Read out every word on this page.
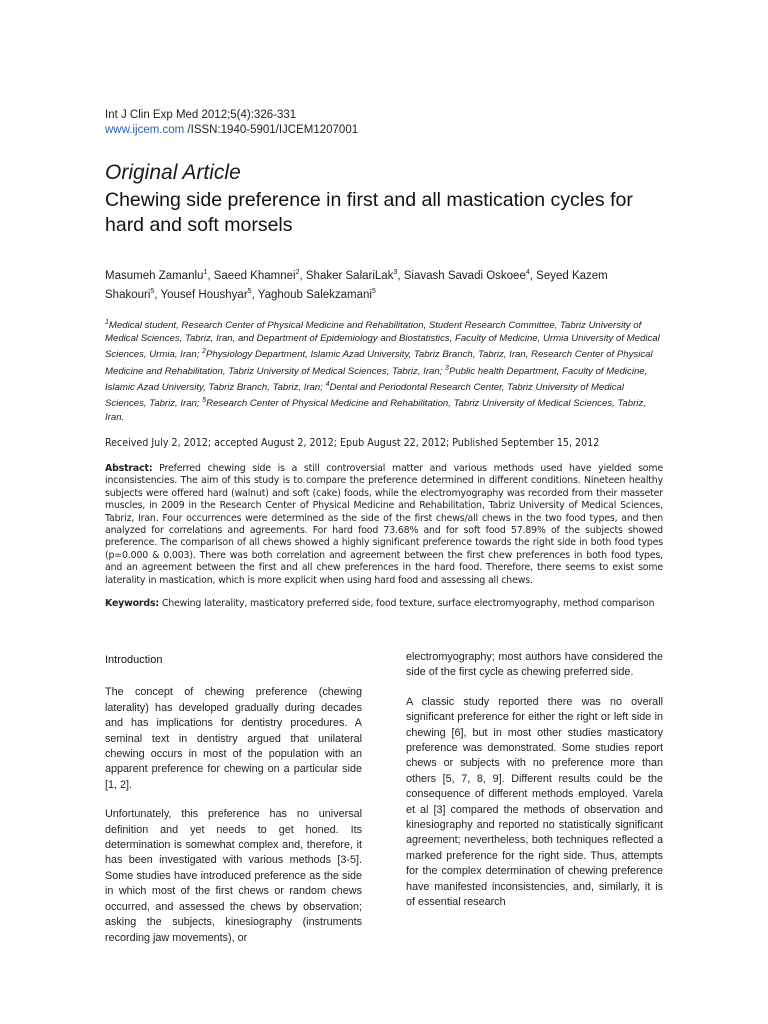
Int J Clin Exp Med 2012;5(4):326-331
www.ijcem.com /ISSN:1940-5901/IJCEM1207001
Original Article
Chewing side preference in first and all mastication cycles for hard and soft morsels
Masumeh Zamanlu$^1$, Saeed Khamnei$^2$, Shaker SalariLak$^3$, Siavash Savadi Oskoee$^4$, Seyed Kazem Shakouri$^5$, Yousef Houshyar$^5$, Yaghoub Salekzamani$^5$
$^1$Medical student, Research Center of Physical Medicine and Rehabilitation, Student Research Committee, Tabriz University of Medical Sciences, Tabriz, Iran, and Department of Epidemiology and Biostatistics, Faculty of Medicine, Urmia University of Medical Sciences, Urmia, Iran; $^2$Physiology Department, Islamic Azad University, Tabriz Branch, Tabriz, Iran, Research Center of Physical Medicine and Rehabilitation, Tabriz University of Medical Sciences, Tabriz, Iran; $^3$Public health Department, Faculty of Medicine, Islamic Azad University, Tabriz Branch, Tabriz, Iran; $^4$Dental and Periodontal Research Center, Tabriz University of Medical Sciences, Tabriz, Iran; $^5$Research Center of Physical Medicine and Rehabilitation, Tabriz University of Medical Sciences, Tabriz, Iran.
Received July 2, 2012; accepted August 2, 2012; Epub August 22, 2012; Published September 15, 2012
Abstract: Preferred chewing side is a still controversial matter and various methods used have yielded some inconsistencies. The aim of this study is to compare the preference determined in different conditions. Nineteen healthy subjects were offered hard (walnut) and soft (cake) foods, while the electromyography was recorded from their masseter muscles, in 2009 in the Research Center of Physical Medicine and Rehabilitation, Tabriz University of Medical Sciences, Tabriz, Iran. Four occurrences were determined as the side of the first chews/all chews in the two food types, and then analyzed for correlations and agreements. For hard food 73.68% and for soft food 57.89% of the subjects showed preference. The comparison of all chews showed a highly significant preference towards the right side in both food types (p=0.000 & 0.003). There was both correlation and agreement between the first chew preferences in both food types, and an agreement between the first and all chew preferences in the hard food. Therefore, there seems to exist some laterality in mastication, which is more explicit when using hard food and assessing all chews.
Keywords: Chewing laterality, masticatory preferred side, food texture, surface electromyography, method comparison
Introduction

The concept of chewing preference (chewing laterality) has developed gradually during decades and has implications for dentistry procedures. A seminal text in dentistry argued that unilateral chewing occurs in most of the population with an apparent preference for chewing on a particular side [1, 2].

Unfortunately, this preference has no universal definition and yet needs to get honed. Its determination is somewhat complex and, therefore, it has been investigated with various methods [3-5]. Some studies have introduced preference as the side in which most of the first chews or random chews occurred, and assessed the chews by observation; asking the subjects, kinesiography (instruments recording jaw movements), or

electromyography; most authors have considered the side of the first cycle as chewing preferred side.

A classic study reported there was no overall significant preference for either the right or left side in chewing [6], but in most other studies masticatory preference was demonstrated. Some studies report chews or subjects with no preference more than others [5, 7, 8, 9]. Different results could be the consequence of different methods employed. Varela et al [3] compared the methods of observation and kinesiography and reported no statistically significant agreement; nevertheless, both techniques reflected a marked preference for the right side. Thus, attempts for the complex determination of chewing preference have manifested inconsistencies, and, similarly, it is of essential research
